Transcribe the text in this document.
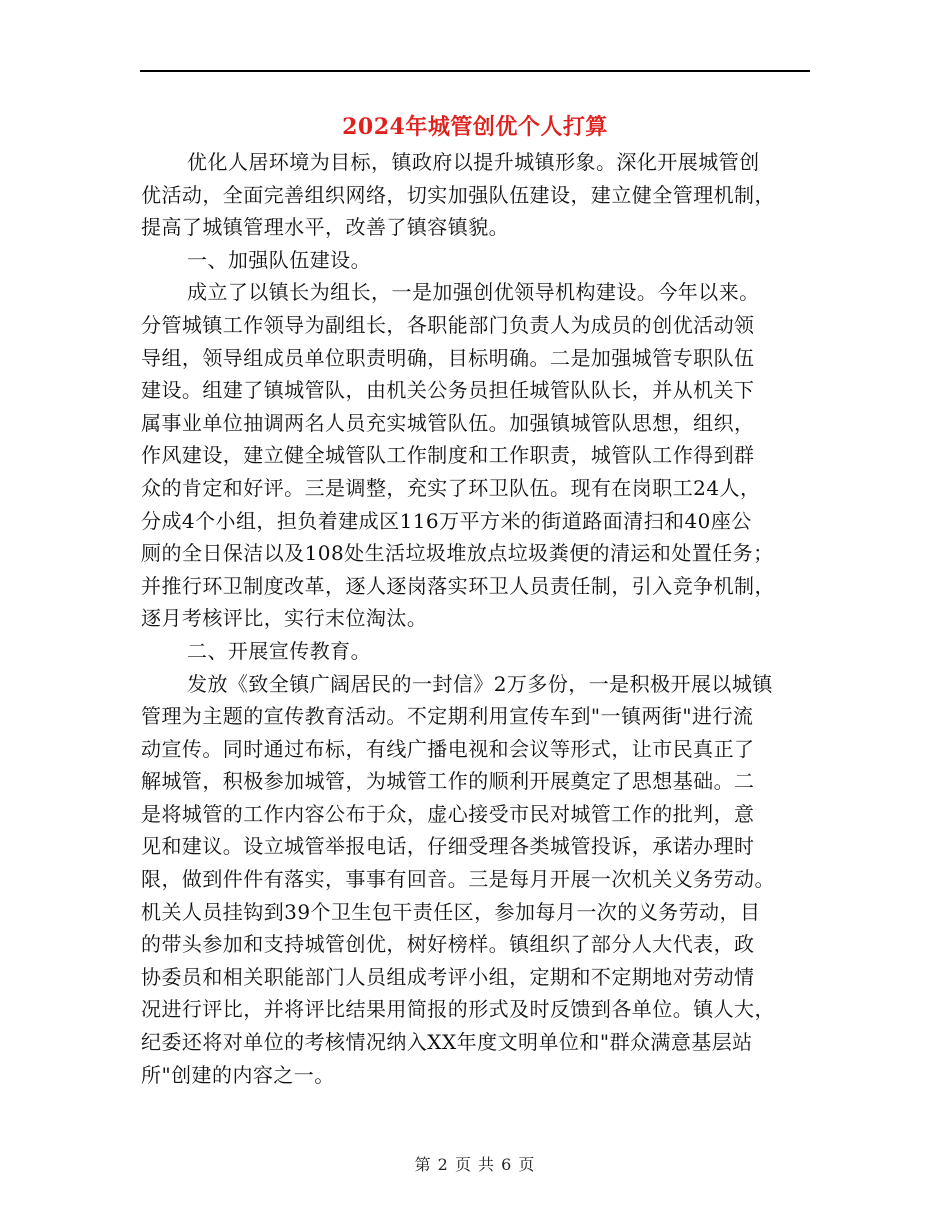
2024年城管创优个人打算
优化人居环境为目标，镇政府以提升城镇形象。深化开展城管创
优活动，全面完善组织网络，切实加强队伍建设，建立健全管理机制，
提高了城镇管理水平，改善了镇容镇貌。
一、加强队伍建设。
成立了以镇长为组长，一是加强创优领导机构建设。今年以来。
分管城镇工作领导为副组长，各职能部门负责人为成员的创优活动领
导组，领导组成员单位职责明确，目标明确。二是加强城管专职队伍
建设。组建了镇城管队，由机关公务员担任城管队队长，并从机关下
属事业单位抽调两名人员充实城管队伍。加强镇城管队思想，组织，
作风建设，建立健全城管队工作制度和工作职责，城管队工作得到群
众的肯定和好评。三是调整，充实了环卫队伍。现有在岗职工24人，
分成4个小组，担负着建成区116万平方米的街道路面清扫和40座公
厕的全日保洁以及108处生活垃圾堆放点垃圾粪便的清运和处置任务；
并推行环卫制度改革，逐人逐岗落实环卫人员责任制，引入竞争机制，
逐月考核评比，实行末位淘汰。
二、开展宣传教育。
发放《致全镇广阔居民的一封信》2万多份，一是积极开展以城镇
管理为主题的宣传教育活动。不定期利用宣传车到"一镇两街"进行流
动宣传。同时通过布标，有线广播电视和会议等形式，让市民真正了
解城管，积极参加城管，为城管工作的顺利开展奠定了思想基础。二
是将城管的工作内容公布于众，虚心接受市民对城管工作的批判，意
见和建议。设立城管举报电话，仔细受理各类城管投诉，承诺办理时
限，做到件件有落实，事事有回音。三是每月开展一次机关义务劳动。
机关人员挂钩到39个卫生包干责任区，参加每月一次的义务劳动，目
的带头参加和支持城管创优，树好榜样。镇组织了部分人大代表，政
协委员和相关职能部门人员组成考评小组，定期和不定期地对劳动情
况进行评比，并将评比结果用简报的形式及时反馈到各单位。镇人大，
纪委还将对单位的考核情况纳入XX年度文明单位和"群众满意基层站
所"创建的内容之一。
第 2 页 共 6 页
